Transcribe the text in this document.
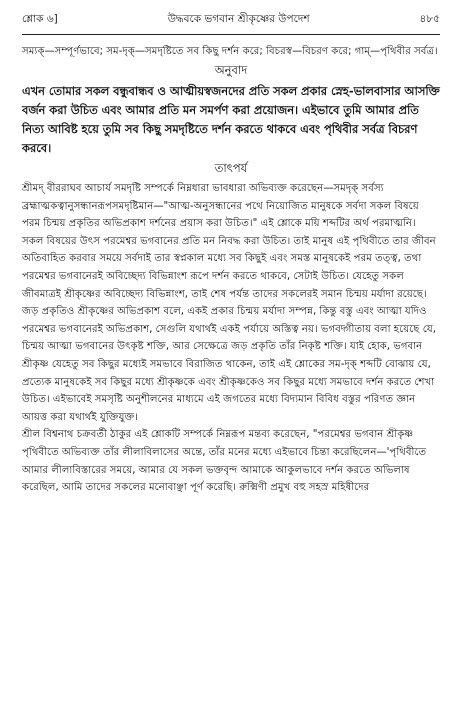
শ্লোক ৬]	উদ্ধবকে ভগবান শ্রীকৃষ্ণের উপদেশ	৪৮৫

সম্যক্—সম্পূর্ণভাবে; সম-দৃক্—সমদৃষ্টিতে সব কিছু দর্শন করে; বিচরস্ব—বিচরণ করে; গাম্—পৃথিবীর সর্বত্র।

অনুবাদ

এখন তোমার সকল বন্ধুবান্ধব ও আত্মীয়স্বজনদের প্রতি সকল প্রকার স্নেহ-ভালবাসার আসক্তি বর্জন করা উচিত এবং আমার প্রতি মন সমর্পণ করা প্রয়োজন। এইভাবে তুমি আমার প্রতি নিত্য আবিষ্ট হয়ে তুমি সব কিছু সমদৃষ্টিতে দর্শন করতে থাকবে এবং পৃথিবীর সর্বত্র বিচরণ করবে।

তাৎপর্য

শ্রীমদ্ বীররাঘব আচার্য সমদৃষ্টি সম্পর্কে নিম্নধারা ভাবধারা অভিব্যক্ত করেছেন—সমদৃক্ সর্বস্য ব্রহ্মাত্মকত্বানুসন্ধানরূপসমদৃষ্টিমান—"আত্ম-অনুসন্ধানের পথে নিয়োজিত মানুষকে সর্বদা সকল বিষয়ে পরম চিন্ময় প্রকৃতির অভিপ্রকাশ দর্শনের প্রয়াস করা উচিত।" এই শ্লোকে ময়ি শব্দটির অর্থ পরমাত্মনি। সকল বিষয়ের উৎস পরমেশ্বর ভগবানের প্রতি মন নিবদ্ধ করা উচিত। তাই মানুষ এই পৃথিবীতে তার জীবন অতিবাহিত করবার সময়ে সর্বদাই তার স্বপ্নকাল মধ্যে সব কিছুই এবং সমস্ত মানুষকেই পরম তত্ত্ব, তথা পরমেশ্বর ভগবানেরই অবিচ্ছেদ্য বিভিন্নাংশ রূপে দর্শন করতে থাকবে, সেটাই উচিত। যেহেতু সকল জীবমাত্রই শ্রীকৃষ্ণের অবিচ্ছেদ্য বিভিন্নাংশ, তাই শেষ পর্যন্ত তাদের সকলেরই সমান চিন্ময় মর্যাদা রয়েছে। জড় প্রকৃতিও শ্রীকৃষ্ণের অভিপ্রকাশ বলে, একই প্রকার চিন্ময় মর্যাদা সম্পন্ন, কিন্তু বস্তু এবং আত্মা যদিও পরমেশ্বর ভগবানেরই অভিপ্রকাশ, সেগুলি যথার্থই একই পর্যায়ে অস্তিত্ব নয়। ভগবদ্গীতায় বলা হয়েছে যে, চিন্ময় আত্মা ভগবানের উৎকৃষ্ট শক্তি, আর সেক্ষেত্রে জড় প্রকৃতি তাঁর নিকৃষ্ট শক্তি। যাই হোক, ভগবান শ্রীকৃষ্ণ যেহেতু সব কিছুর মধ্যেই সমভাবে বিরাজিত থাকেন, তাই এই শ্লোকের সম-দৃক্ শব্দটি বোঝায় যে, প্রত্যেক মানুষকেই সব কিছুর মধ্যে শ্রীকৃষ্ণকে এবং শ্রীকৃষ্ণকেও সব কিছুর মধ্যে সমভাবে দর্শন করতে শেখা উচিত। এইভাবেই সমসৃষ্টি অনুশীলনের মাধ্যমে এই জগতের মধ্যে বিদ্যমান বিবিধ বস্তুর পরিণত জ্ঞান আয়ত্ত করা যথার্থই যুক্তিযুক্ত।

শ্রীল বিশ্বনাথ চক্রবর্তী ঠাকুর এই শ্লোকটি সম্পর্কে নিম্নরূপ মন্তব্য করেছেন, "পরমেশ্বর ভগবান শ্রীকৃষ্ণ পৃথিবীতে অভিব্যক্ত তাঁর লীলাবিলাসের অন্তে, তাঁর মনের মধ্যে এইভাবে চিন্তা করেছিলেন—'পৃথিবীতে আমার লীলাবিস্তারের সময়ে, আমার যে সকল ভক্তবৃন্দ আমাকে আকুলভাবে দর্শন করতে অভিলাষ করেছিল, আমি তাদের সকলের মনোবাঞ্ছা পূর্ণ করেছি। রুক্মিণী প্রমুখ বহু সহস্র মহিষীদের
